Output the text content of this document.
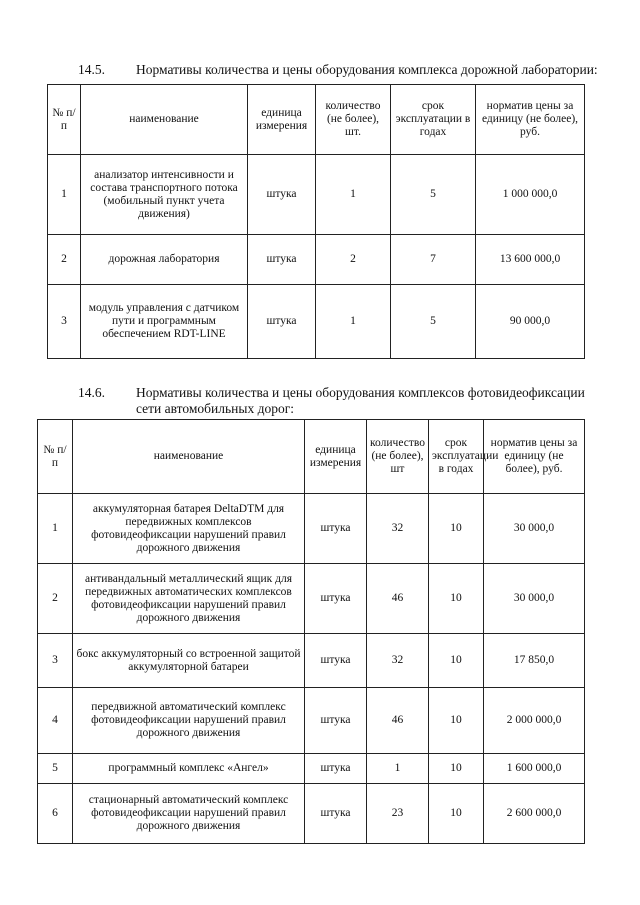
14.5. Нормативы количества и цены оборудования комплекса дорожной лаборатории:
№ п/п	наименование	единица измерения	количество (не более), шт.	срок эксплуатации в годах	норматив цены за единицу (не более), руб.
1	анализатор интенсивности и состава транспортного потока (мобильный пункт учета движения)	штука	1	5	1 000 000,0
2	дорожная лаборатория	штука	2	7	13 600 000,0
3	модуль управления с датчиком пути и программным обеспечением RDT-LINE	штука	1	5	90 000,0
14.6. Нормативы количества и цены оборудования комплексов фотовидеофиксации
сети автомобильных дорог:
№ п/п	наименование	единица измерения	количество (не более), шт	срок эксплуатации в годах	норматив цены за единицу (не более), руб.
1	аккумуляторная батарея DeltaDTM для передвижных комплексов фотовидеофиксации нарушений правил дорожного движения	штука	32	10	30 000,0
2	антивандальный металлический ящик для передвижных автоматических комплексов фотовидеофиксации нарушений правил дорожного движения	штука	46	10	30 000,0
3	бокс аккумуляторный со встроенной защитой аккумуляторной батареи	штука	32	10	17 850,0
4	передвижной автоматический комплекс фотовидеофиксации нарушений правил дорожного движения	штука	46	10	2 000 000,0
5	программный комплекс «Ангел»	штука	1	10	1 600 000,0
6	стационарный автоматический комплекс фотовидеофиксации нарушений правил дорожного движения	штука	23	10	2 600 000,0
